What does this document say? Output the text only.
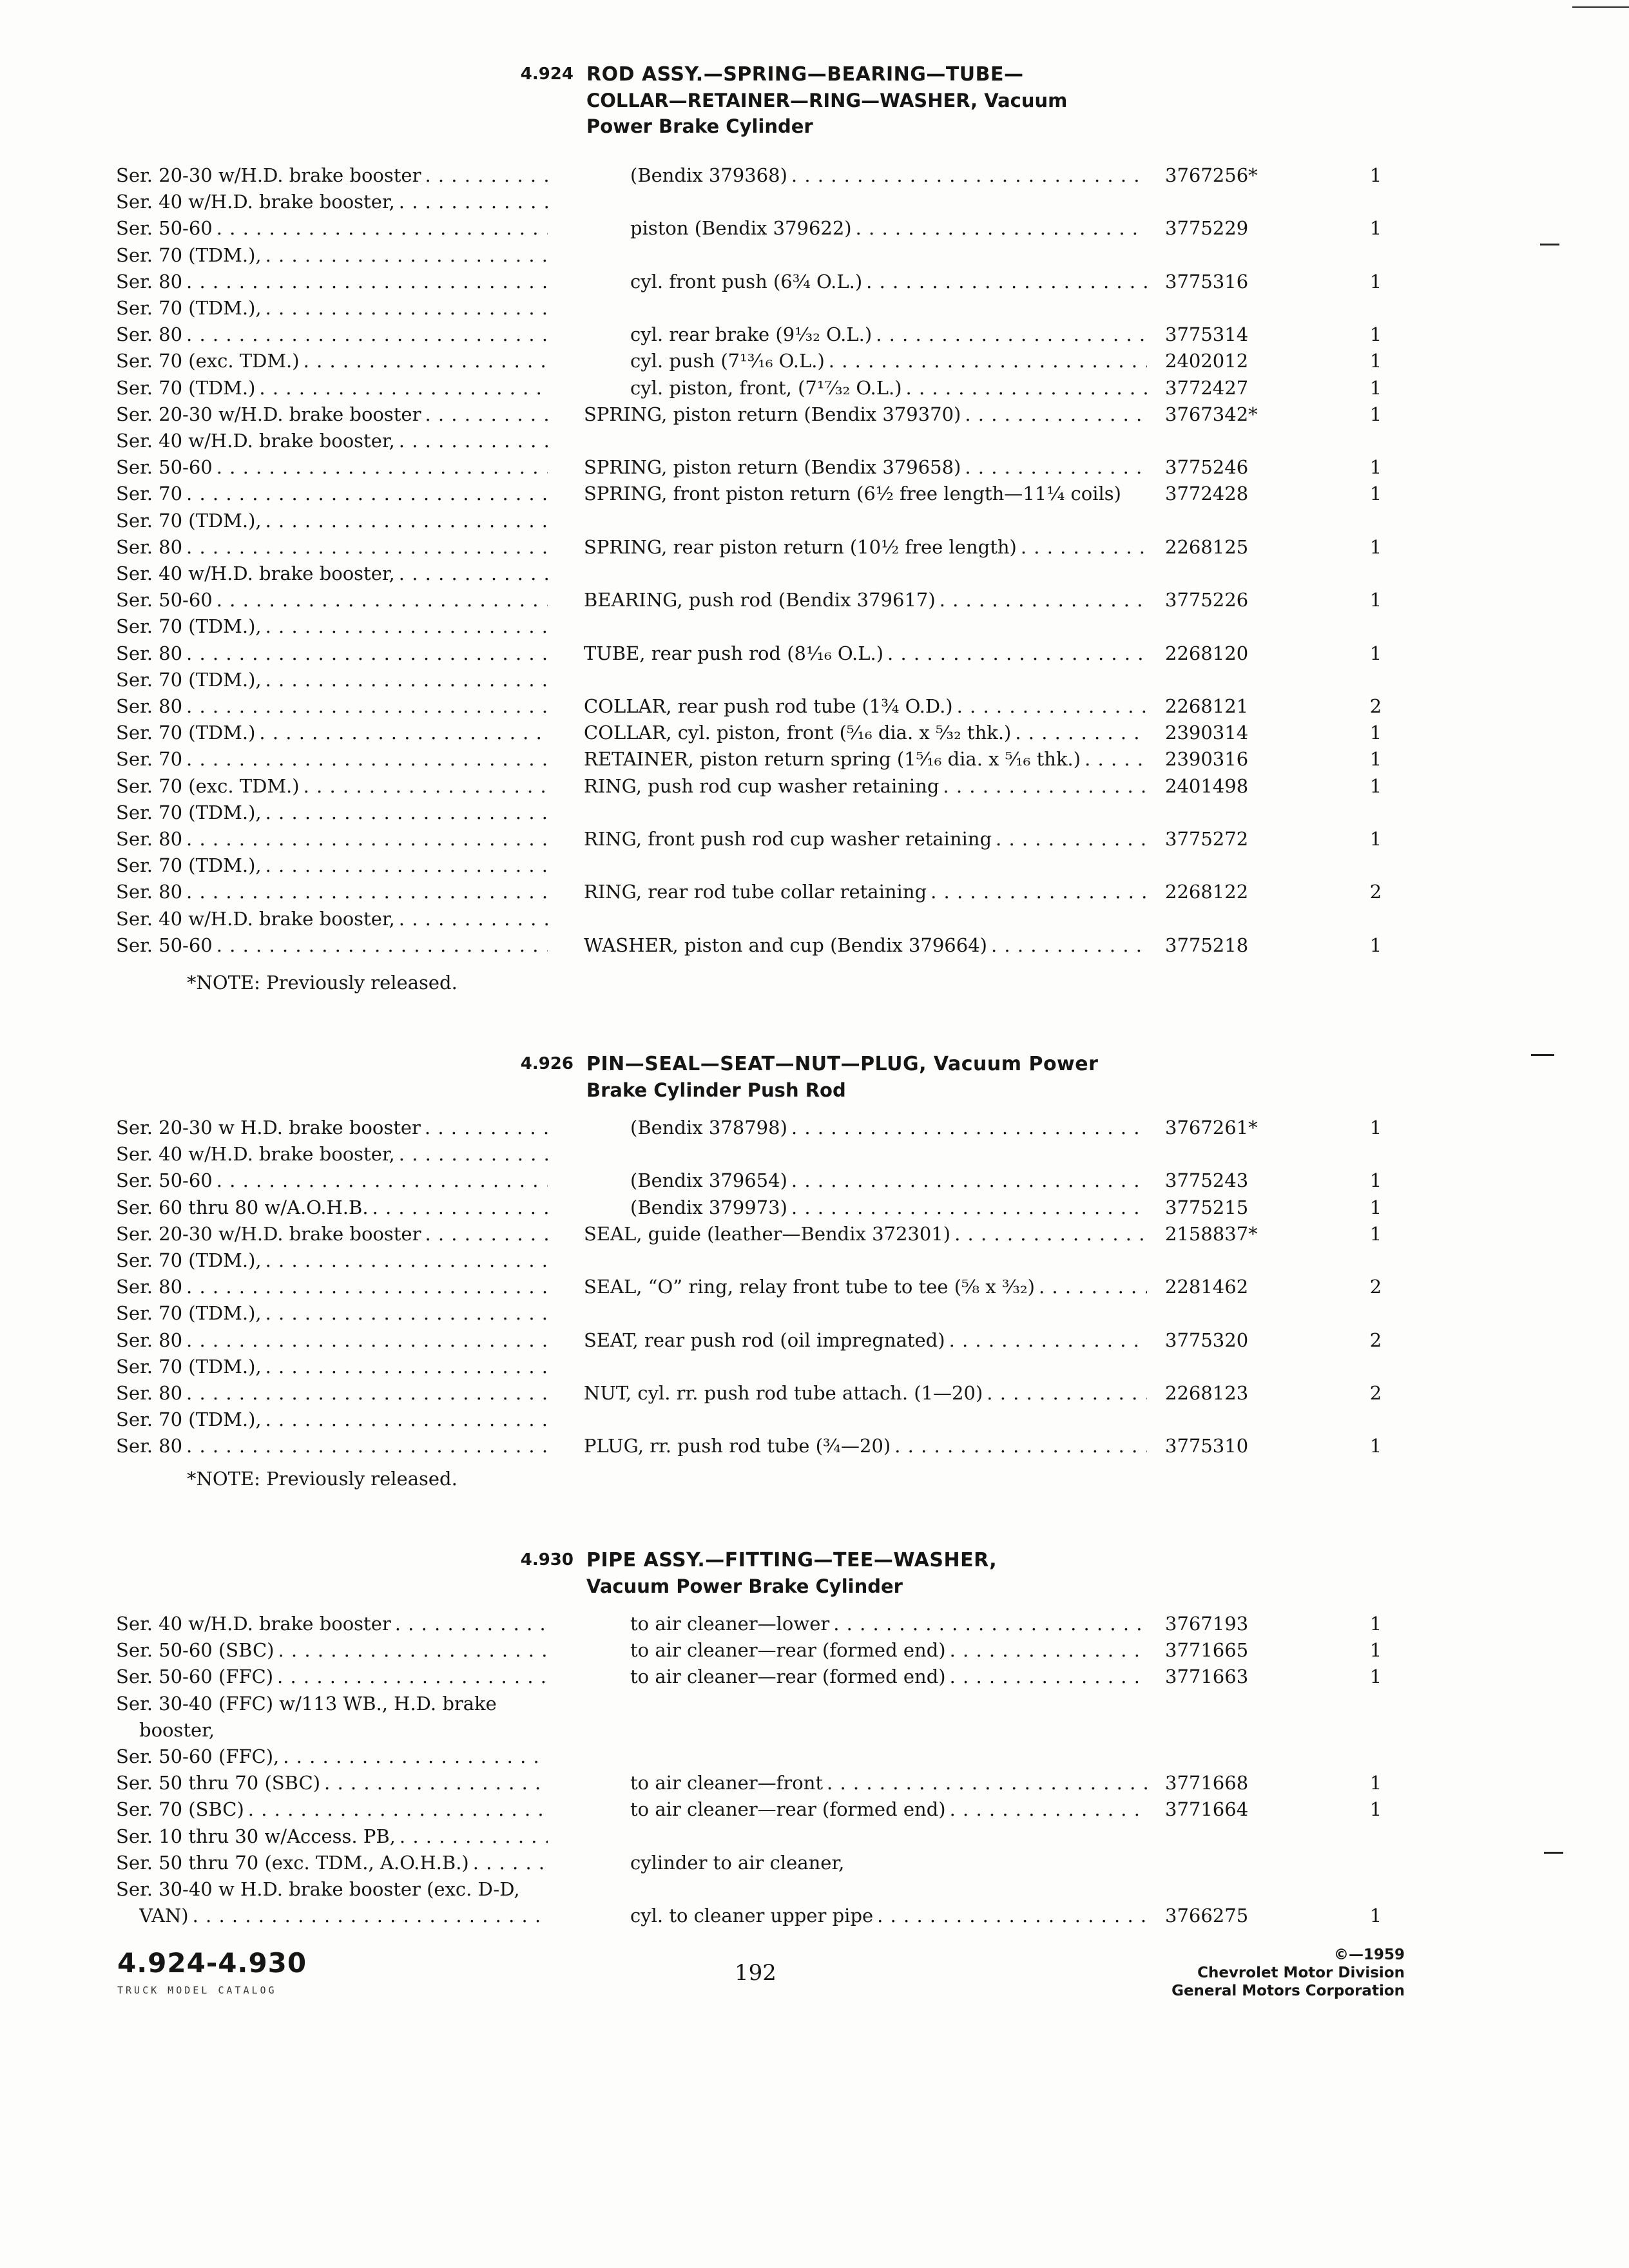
4.924 ROD ASSY.—SPRING—BEARING—TUBE—
COLLAR—RETAINER—RING—WASHER, Vacuum
Power Brake Cylinder
Ser. 20-30 w/H.D. brake booster . . .	(Bendix 379368) . . .	3767256*	1
Ser. 40 w/H.D. brake booster, . . .
Ser. 50-60 . . .	piston (Bendix 379622) . . .	3775229	1
Ser. 70 (TDM.), . . .
Ser. 80 . . .	cyl. front push (6¾ O.L.) . . .	3775316	1
Ser. 70 (TDM.), . . .
Ser. 80 . . .	cyl. rear brake (9¹⁄₃₂ O.L.) . . .	3775314	1
Ser. 70 (exc. TDM.) . . .	cyl. push (7¹³⁄₁₆ O.L.) . . .	2402012	1
Ser. 70 (TDM.) . . .	cyl. piston, front, (7¹⁷⁄₃₂ O.L.) . . .	3772427	1
Ser. 20-30 w/H.D. brake booster . . .	SPRING, piston return (Bendix 379370) . . .	3767342*	1
Ser. 40 w/H.D. brake booster, . . .
Ser. 50-60 . . .	SPRING, piston return (Bendix 379658) . . .	3775246	1
Ser. 70 . . .	SPRING, front piston return (6½ free length—11¼ coils)	3772428	1
Ser. 70 (TDM.), . . .
Ser. 80 . . .	SPRING, rear piston return (10½ free length) . . .	2268125	1
Ser. 40 w/H.D. brake booster, . . .
Ser. 50-60 . . .	BEARING, push rod (Bendix 379617) . . .	3775226	1
Ser. 70 (TDM.), . . .
Ser. 80 . . .	TUBE, rear push rod (8¹⁄₁₆ O.L.) . . .	2268120	1
Ser. 70 (TDM.), . . .
Ser. 80 . . .	COLLAR, rear push rod tube (1¾ O.D.) . . .	2268121	2
Ser. 70 (TDM.) . . .	COLLAR, cyl. piston, front (⁵⁄₁₆ dia. x ⁵⁄₃₂ thk.) . . .	2390314	1
Ser. 70 . . .	RETAINER, piston return spring (1⁵⁄₁₆ dia. x ⁵⁄₁₆ thk.) . . .	2390316	1
Ser. 70 (exc. TDM.) . . .	RING, push rod cup washer retaining . . .	2401498	1
Ser. 70 (TDM.), . . .
Ser. 80 . . .	RING, front push rod cup washer retaining . . .	3775272	1
Ser. 70 (TDM.), . . .
Ser. 80 . . .	RING, rear rod tube collar retaining . . .	2268122	2
Ser. 40 w/H.D. brake booster, . . .
Ser. 50-60 . . .	WASHER, piston and cup (Bendix 379664) . . .	3775218	1
*NOTE: Previously released.
4.926 PIN—SEAL—SEAT—NUT—PLUG, Vacuum Power
Brake Cylinder Push Rod
Ser. 20-30 w H.D. brake booster . . .	(Bendix 378798) . . .	3767261*	1
Ser. 40 w/H.D. brake booster, . . .
Ser. 50-60 . . .	(Bendix 379654) . . .	3775243	1
Ser. 60 thru 80 w/A.O.H.B. . . .	(Bendix 379973) . . .	3775215	1
Ser. 20-30 w/H.D. brake booster . . .	SEAL, guide (leather—Bendix 372301) . . .	2158837*	1
Ser. 70 (TDM.), . . .
Ser. 80 . . .	SEAL, “O” ring, relay front tube to tee (⁵⁄₈ x ³⁄₃₂) . . .	2281462	2
Ser. 70 (TDM.), . . .
Ser. 80 . . .	SEAT, rear push rod (oil impregnated) . . .	3775320	2
Ser. 70 (TDM.), . . .
Ser. 80 . . .	NUT, cyl. rr. push rod tube attach. (1—20) . . .	2268123	2
Ser. 70 (TDM.), . . .
Ser. 80 . . .	PLUG, rr. push rod tube (¾—20) . . .	3775310	1
*NOTE: Previously released.
4.930 PIPE ASSY.—FITTING—TEE—WASHER,
Vacuum Power Brake Cylinder
Ser. 40 w/H.D. brake booster . . .	to air cleaner—lower . . .	3767193	1
Ser. 50-60 (SBC) . . .	to air cleaner—rear (formed end) . . .	3771665	1
Ser. 50-60 (FFC) . . .	to air cleaner—rear (formed end) . . .	3771663	1
Ser. 30-40 (FFC) w/113 WB., H.D. brake
booster,
Ser. 50-60 (FFC), . . .
Ser. 50 thru 70 (SBC) . . .	to air cleaner—front . . .	3771668	1
Ser. 70 (SBC) . . .	to air cleaner—rear (formed end) . . .	3771664	1
Ser. 10 thru 30 w/Access. PB, . . .
Ser. 50 thru 70 (exc. TDM., A.O.H.B.) . . .	cylinder to air cleaner,
Ser. 30-40 w H.D. brake booster (exc. D-D,
VAN) . . .	cyl. to cleaner upper pipe . . .	3766275	1
4.924-4.930
TRUCK MODEL CATALOG
192
©—1959
Chevrolet Motor Division
General Motors Corporation
